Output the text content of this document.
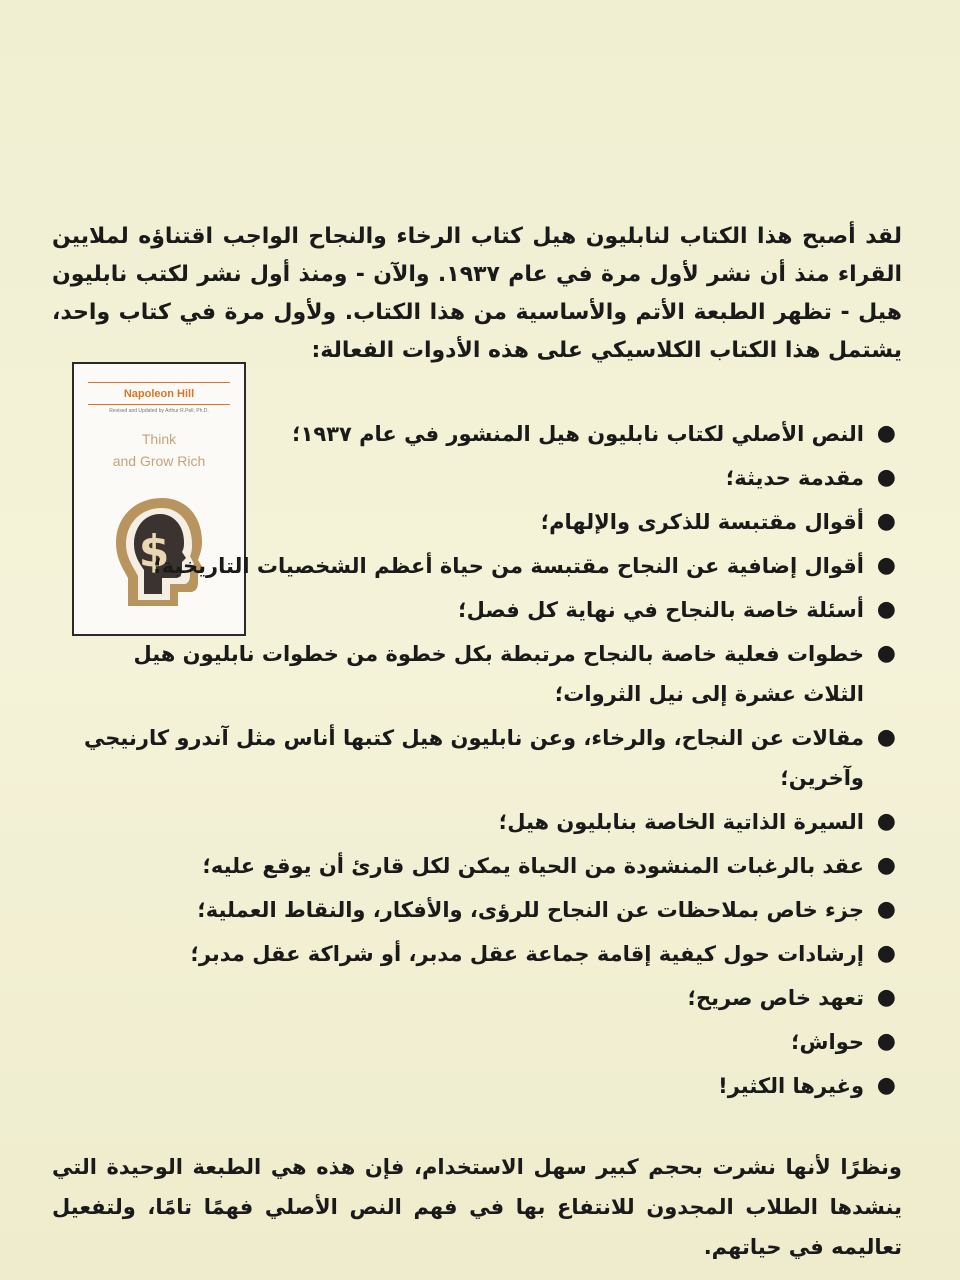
لقد أصبح هذا الكتاب لنابليون هيل كتاب الرخاء والنجاح الواجب اقتناؤه لملايين القراء منذ أن نشر لأول مرة في عام ١٩٣٧. والآن - ومنذ أول نشر لكتب نابليون هيل - تظهر الطبعة الأتم والأساسية من هذا الكتاب. ولأول مرة في كتاب واحد، يشتمل هذا الكتاب الكلاسيكي على هذه الأدوات الفعالة:

Napoleon Hill
Revised and Updated by Arthur R.Pell, Ph.D.
Think
and Grow Rich
$
●
النص الأصلي لكتاب نابليون هيل المنشور في عام ١٩٣٧؛
●
مقدمة حديثة؛
●
أقوال مقتبسة للذكرى والإلهام؛
●
أقوال إضافية عن النجاح مقتبسة من حياة أعظم الشخصيات التاريخية؛
●
أسئلة خاصة بالنجاح في نهاية كل فصل؛
●
خطوات فعلية خاصة بالنجاح مرتبطة بكل خطوة من خطوات نابليون هيل الثلاث عشرة إلى نيل الثروات؛
●
مقالات عن النجاح، والرخاء، وعن نابليون هيل كتبها أناس مثل آندرو كارنيجي وآخرين؛
●
السيرة الذاتية الخاصة بنابليون هيل؛
●
عقد بالرغبات المنشودة من الحياة يمكن لكل قارئ أن يوقع عليه؛
●
جزء خاص بملاحظات عن النجاح للرؤى، والأفكار، والنقاط العملية؛
●
إرشادات حول كيفية إقامة جماعة عقل مدبر، أو شراكة عقل مدبر؛
●
تعهد خاص صريح؛
●
حواش؛
●
وغيرها الكثير!

ونظرًا لأنها نشرت بحجم كبير سهل الاستخدام، فإن هذه هي الطبعة الوحيدة التي ينشدها الطلاب المجدون للانتفاع بها في فهم النص الأصلي فهمًا تامًا، ولتفعيل تعاليمه في حياتهم.
